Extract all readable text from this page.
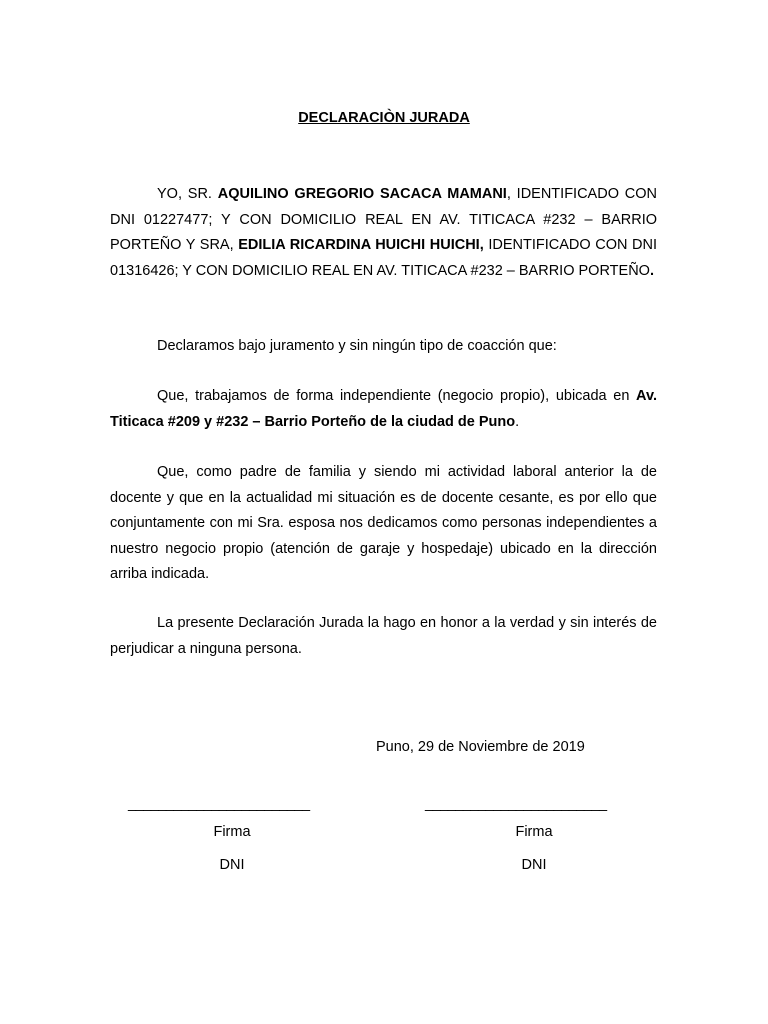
DECLARACIÒN JURADA

YO, SR. AQUILINO GREGORIO SACACA MAMANI, IDENTIFICADO CON DNI 01227477; Y CON DOMICILIO REAL EN AV. TITICACA #232 – BARRIO PORTEÑO Y SRA, EDILIA RICARDINA HUICHI HUICHI, IDENTIFICADO CON DNI 01316426; Y CON DOMICILIO REAL EN AV. TITICACA #232 – BARRIO PORTEÑO.

Declaramos bajo juramento y sin ningún tipo de coacción que:

Que, trabajamos de forma independiente (negocio propio), ubicada en Av. Titicaca #209 y #232 – Barrio Porteño de la ciudad de Puno.

Que, como padre de familia y siendo mi actividad laboral anterior la de docente y que en la actualidad mi situación es de docente cesante, es por ello que conjuntamente con mi Sra. esposa nos dedicamos como personas independientes a nuestro negocio propio (atención de garaje y hospedaje) ubicado en la dirección arriba indicada.

La presente Declaración Jurada la hago en honor a la verdad y sin interés de perjudicar a ninguna persona.

Puno, 29 de Noviembre de 2019
________________________	________________________
Firma
DNI
Firma
DNI
